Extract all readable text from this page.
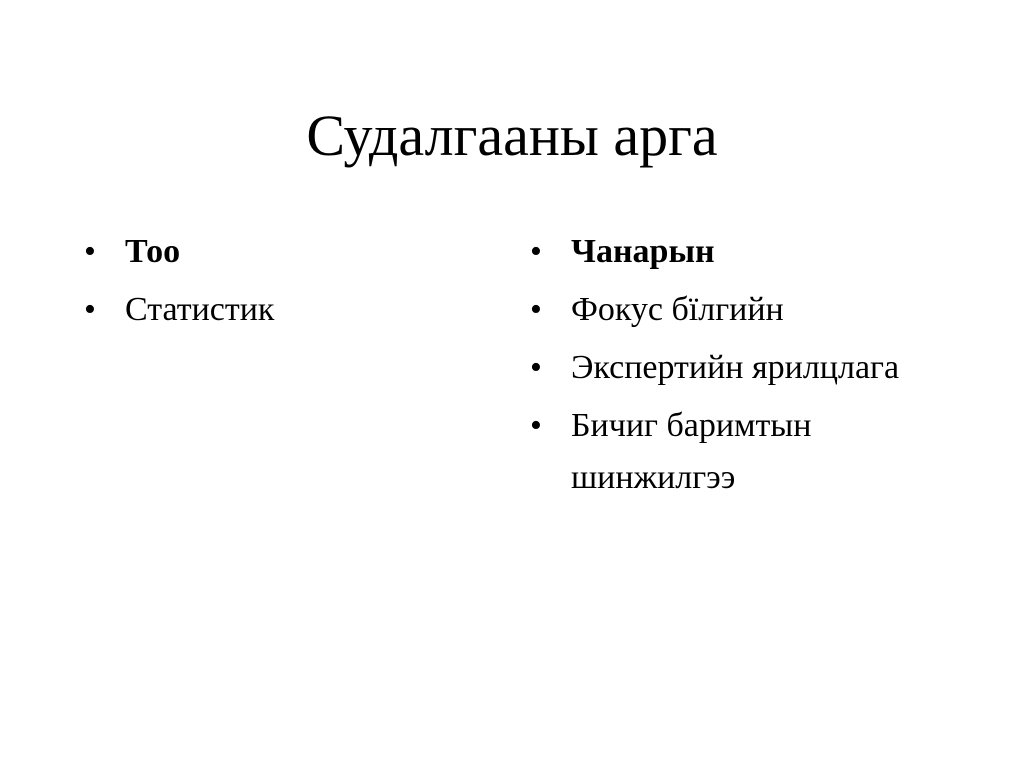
Судалгааны арга
• Тоо
• Статистик
• Чанарын
• Фокус бїлгийн
• Экспертийн ярилцлага
• Бичиг баримтын шинжилгээ
